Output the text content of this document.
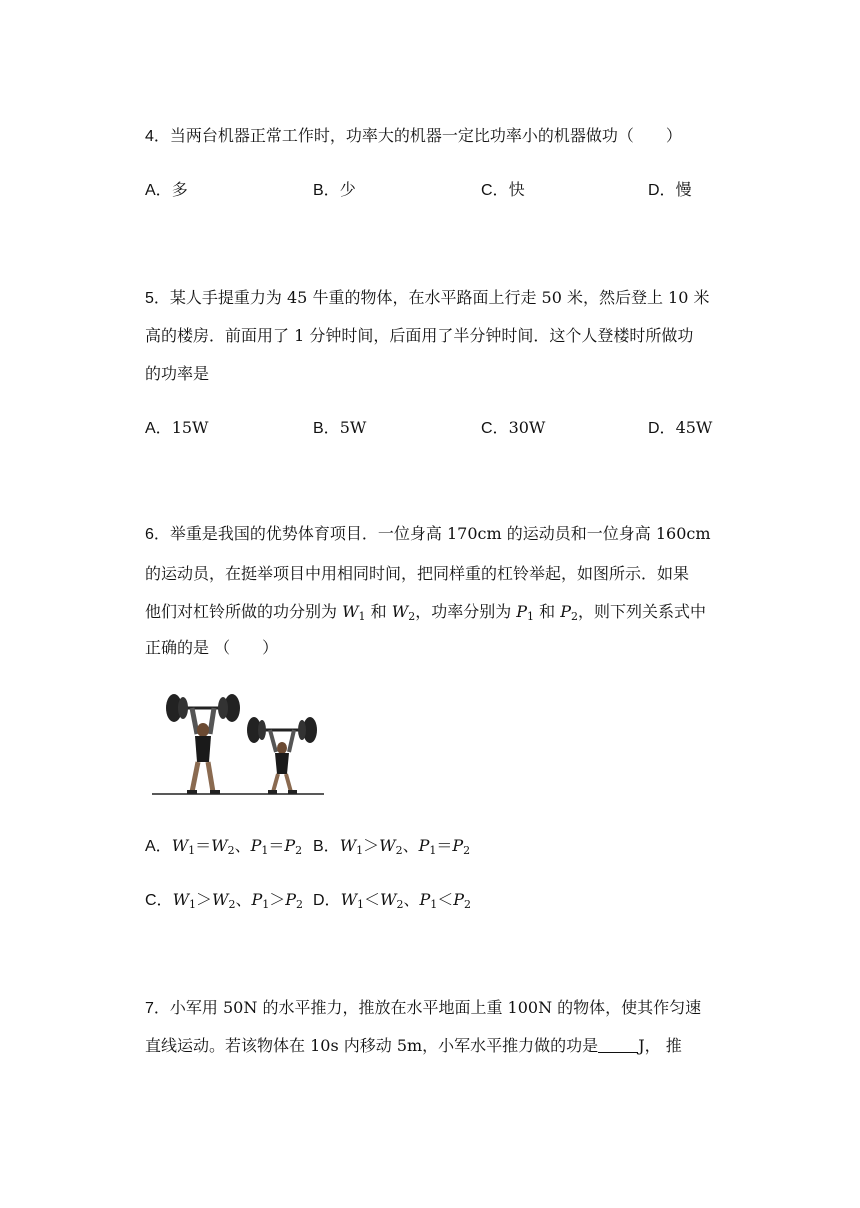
4．当两台机器正常工作时，功率大的机器一定比功率小的机器做功（　　）
A．多	B．少	C．快	D．慢
5．某人手提重力为 45 牛重的物体，在水平路面上行走 50 米，然后登上 10 米
高的楼房．前面用了 1 分钟时间，后面用了半分钟时间．这个人登楼时所做功
的功率是
A．15W	B．5W	C．30W	D．45W
6．举重是我国的优势体育项目．一位身高 170cm 的运动员和一位身高 160cm
的运动员，在挺举项目中用相同时间，把同样重的杠铃举起，如图所示．如果
他们对杠铃所做的功分别为 $W_1$ 和 $W_2$，功率分别为 $P_1$ 和 $P_2$，则下列关系式中
正确的是 （　　）
A．$W_1=W_2$、$P_1=P_2$ B．$W_1>W_2$、$P_1=P_2$
C．$W_1>W_2$、$P_1>P_2$ D．$W_1<W_2$、$P_1<P_2$
7．小军用 50N 的水平推力，推放在水平地面上重 100N 的物体，使其作匀速
直线运动。若该物体在 10s 内移动 5m，小军水平推力做的功是	J， 推
